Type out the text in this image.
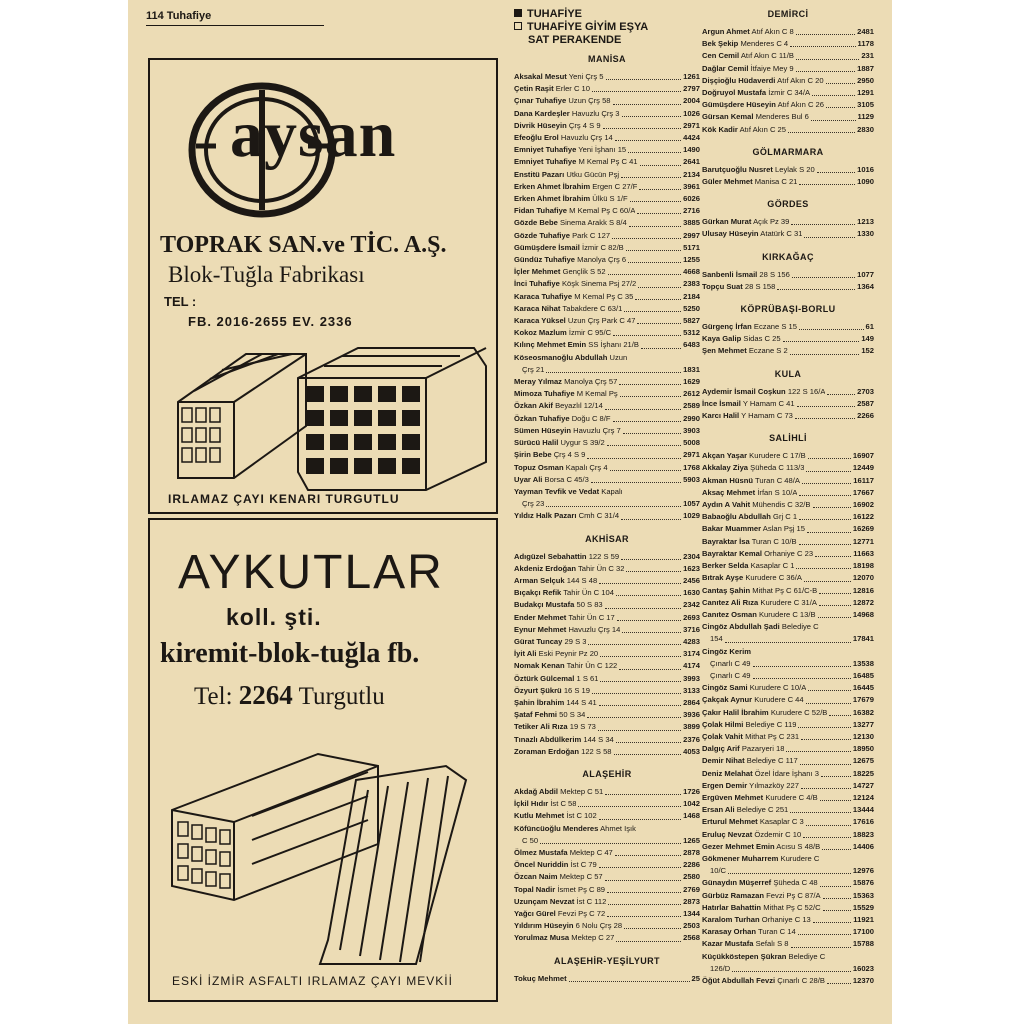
114 Tuhafiye
aysan
TOPRAK SAN.ve TİC. A.Ş.
Blok-Tuğla Fabrikası
TEL :
FB. 2016-2655 EV. 2336
IRLAMAZ ÇAYI KENARI TURGUTLU
AYKUTLAR
koll. şti.
kiremit-blok-tuğla fb.
Tel: 2264 Turgutlu
ESKİ İZMİR ASFALTI IRLAMAZ ÇAYI MEVKİİ
TUHAFİYE
TUHAFİYE GİYİM EŞYA
SAT PERAKENDE
MANİSA
Aksakal Mesut Yeni Çrş 5	1261
Çetin Raşit Erler C 10	2797
Çınar Tuhafiye Uzun Çrş 58	2004
Dana Kardeşler Havuzlu Çrş 3	1026
Divrik Hüseyin Çrş 4 S 9	2971
Efeoğlu Erol Havuzlu Çrş 14	4424
Emniyet Tuhafiye Yeni İşhanı 15	1490
Emniyet Tuhafiye M Kemal Pş C 41	2641
Enstitü Pazarı Utku Gücün Pşj	2134
Erken Ahmet İbrahim Ergen C 27/F	3961
Erken Ahmet İbrahim Ülkü S 1/F	6026
Fidan Tuhafiye M Kemal Pş C 60/A	2716
Gözde Bebe Sinema Arakk S 8/4	3885
Gözde Tuhafiye Park C 127	2997
Gümüşdere İsmail İzmir C 82/B	5171
Gündüz Tuhafiye Manolya Çrş 6	1255
İçler Mehmet Gençlik S 52	4668
İnci Tuhafiye Köşk Sinema Psj 27/2	2383
Karaca Tuhafiye M Kemal Pş C 35	2184
Karaca Nihat Tabakdere C 63/1	5250
Karaca Yüksel Uzun Çrş Park C 47	5827
Kokoz Mazlum İzmir C 95/C	5312
Kılınç Mehmet Emin SS İşhanı 21/B	6483
Köseosmanoğlu Abdullah Uzun
Çrş 21	1831
Meray Yılmaz Manolya Çrş 57	1629
Mimoza Tuhafiye M Kemal Pş	2612
Özkan Akif Beyazlıl 12/14	2589
Özkan Tuhafiye Doğu C 8/F	2990
Sümen Hüseyin Havuzlu Çrş 7	3903
Sürücü Halil Uygur S 39/2	5008
Şirin Bebe Çrş 4 S 9	2971
Topuz Osman Kapalı Çrş 4	1768
Uyar Ali Borsa C 45/3	5903
Yayman Tevfik ve Vedat Kapalı
Çrş 23	1057
Yıldız Halk Pazarı Cmh C 31/4	1029
AKHİSAR
Adıgüzel Sebahattin 122 S 59	2304
Akdeniz Erdoğan Tahir Ün C 32	1623
Arman Selçuk 144 S 48	2456
Bıçakçı Refik Tahir Ün C 104	1630
Budakçı Mustafa 50 S 83	2342
Ender Mehmet Tahir Ün C 17	2693
Eynur Mehmet Havuzlu Çrş 14	3716
Gürat Tuncay 29 S 3	4283
İyit Ali Eski Peynir Pz 20	3174
Nomak Kenan Tahir Ün C 122	4174
Öztürk Gülcemal 1 S 61	3993
Özyurt Şükrü 16 S 19	3133
Şahin İbrahim 144 S 41	2864
Şataf Fehmi 50 S 34	3936
Tetiker Ali Rıza 19 S 73	3899
Tınazlı Abdülkerim 144 S 34	2376
Zoraman Erdoğan 122 S 58	4053
ALAŞEHİR
Akdağ Abdil Mektep C 51	1726
İçkil Hıdır İst C 58	1042
Kutlu Mehmet İst C 102	1468
Köfüncüoğlu Menderes Ahmet Işık
C 50	1265
Ölmez Mustafa Mektep C 47	2878
Öncel Nuriddin İst C 79	2286
Özcan Naim Mektep C 57	2580
Topal Nadir İsmet Pş C 89	2769
Uzunçam Nevzat İst C 112	2873
Yağcı Gürel Fevzi Pş C 72	1344
Yıldırım Hüseyin 6 Nolu Çrş 28	2503
Yorulmaz Musa Mektep C 27	2568
ALAŞEHİR-YEŞİLYURT
Tokuç Mehmet	25
DEMİRCİ
Argun Ahmet Atıf Akın C 8	2481
Bek Şekip Menderes C 4	1178
Cen Cemil Atıf Akın C 11/B	231
Dağlar Cemil İtfaiye Mey 9	1887
Dişçioğlu Hüdaverdi Atıf Akın C 20	2950
Doğruyol Mustafa İzmir C 34/A	1291
Gümüşdere Hüseyin Atıf Akın C 26	3105
Gürsan Kemal Menderes Bul 6	1129
Kök Kadir Atıf Akın C 25	2830
GÖLMARMARA
Barutçuoğlu Nusret Leylak S 20	1016
Güler Mehmet Manisa C 21	1090
GÖRDES
Gürkan Murat Açık Pz 39	1213
Ulusay Hüseyin Atatürk C 31	1330
KIRKAĞAÇ
Sanbenli İsmail 28 S 156	1077
Topçu Suat 28 S 158	1364
KÖPRÜBAŞI-BORLU
Gürgenç İrfan Eczane S 15	61
Kaya Galip Sidas C 25	149
Şen Mehmet Eczane S 2	152
KULA
Aydemir İsmail Coşkun 122 S 16/A	2703
İnce İsmail Y Hamam C 41	2587
Karcı Halil Y Hamam C 73	2266
SALİHLİ
Akçan Yaşar Kurudere C 17/B	16907
Akkalay Ziya Şüheda C 113/3	12449
Akman Hüsnü Turan C 48/A	16117
Aksaç Mehmet İrfan S 10/A	17667
Aydın A Vahit Mühendis C 32/B	16902
Babaoğlu Abdullah Grj C 1	16122
Bakar Muammer Aslan Pşj 15	16269
Bayraktar İsa Turan C 10/B	12771
Bayraktar Kemal Orhaniye C 23	11663
Berker Selda Kasaplar C 1	18198
Bıtrak Ayşe Kurudere C 36/A	12070
Cantaş Şahin Mithat Pş C 61/C-B	12816
Canıtez Ali Rıza Kurudere C 31/A	12872
Canıtez Osman Kurudere C 13/B	14968
Cingöz Abdullah Şadi Belediye C
154	17841
Cingöz Kerim
Çınarlı C 49	13538
Çınarlı C 49	16485
Cingöz Sami Kurudere C 10/A	16445
Çakçak Aynur Kurudere C 44	17679
Çakır Halil İbrahim Kurudere C 52/B	16382
Çolak Hilmi Belediye C 119	13277
Çolak Vahit Mithat Pş C 231	12130
Dalgıç Arif Pazaryeri 18	18950
Demir Nihat Belediye C 117	12675
Deniz Melahat Özel İdare İşhanı 3	18225
Ergen Demir Yılmazköy 227	14727
Ergüven Mehmet Kurudere C 4/B	12124
Ersan Ali Belediye C 251	13444
Erturul Mehmet Kasaplar C 3	17616
Eruluç Nevzat Özdemir C 10	18823
Gezer Mehmet Emin Acısu S 48/B	14406
Gökmener Muharrem Kurudere C
10/C	12976
Günaydın Müşerref Şüheda C 48	15876
Gürbüz Ramazan Fevzi Pş C 87/A	15363
Hatırlar Bahattin Mithat Pş C 52/C	15529
Karalom Turhan Orhaniye C 13	11921
Karasay Orhan Turan C 14	17100
Kazar Mustafa Sefalı S 8	15788
Küçükköstepen Şükran Belediye C
126/D	16023
Öğüt Abdullah Fevzi Çınarlı C 28/B	12370
